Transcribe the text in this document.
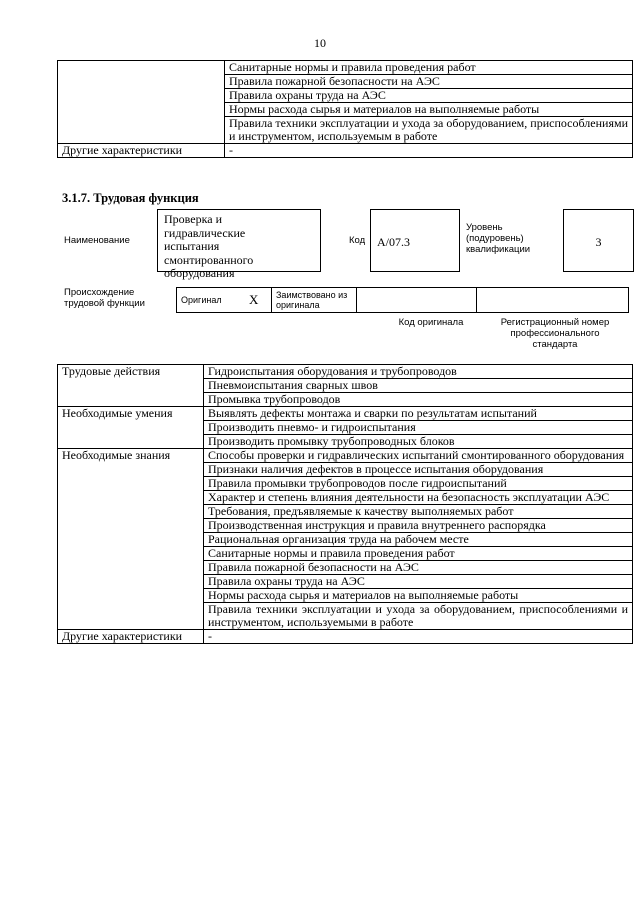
10
	Санитарные нормы и правила проведения работ
	Правила пожарной безопасности на АЭС
	Правила охраны труда на АЭС
	Нормы расхода сырья и материалов на выполняемые работы
	Правила техники эксплуатации и ухода за оборудованием, приспособлениями и инструментом, используемым в работе
Другие характеристики	-
3.1.7. Трудовая функция
Наименование
Проверка и гидравлические испытания смонтированного оборудования
Код А/07.3
Уровень (подуровень) квалификации
3
Происхождение трудовой функции	Оригинал	X	Заимствовано из оригинала		
Код оригинала	Регистрационный номер профессионального стандарта
Трудовые действия	Гидроиспытания оборудования и трубопроводов
	Пневмоиспытания сварных швов
	Промывка трубопроводов
Необходимые умения	Выявлять дефекты монтажа и сварки по результатам испытаний
	Производить пневмо- и гидроиспытания
	Производить промывку трубопроводных блоков
Необходимые знания	Способы проверки и гидравлических испытаний смонтированного оборудования
	Признаки наличия дефектов в процессе испытания оборудования
	Правила промывки трубопроводов после гидроиспытаний
	Характер и степень влияния деятельности на безопасность эксплуатации АЭС
	Требования, предъявляемые к качеству выполняемых работ
	Производственная инструкция и правила внутреннего распорядка
	Рациональная организация труда на рабочем месте
	Санитарные нормы и правила проведения работ
	Правила пожарной безопасности на АЭС
	Правила охраны труда на АЭС
	Нормы расхода сырья и материалов на выполняемые работы
	Правила техники эксплуатации и ухода за оборудованием, приспособлениями и инструментом, используемыми в работе
Другие характеристики	-
